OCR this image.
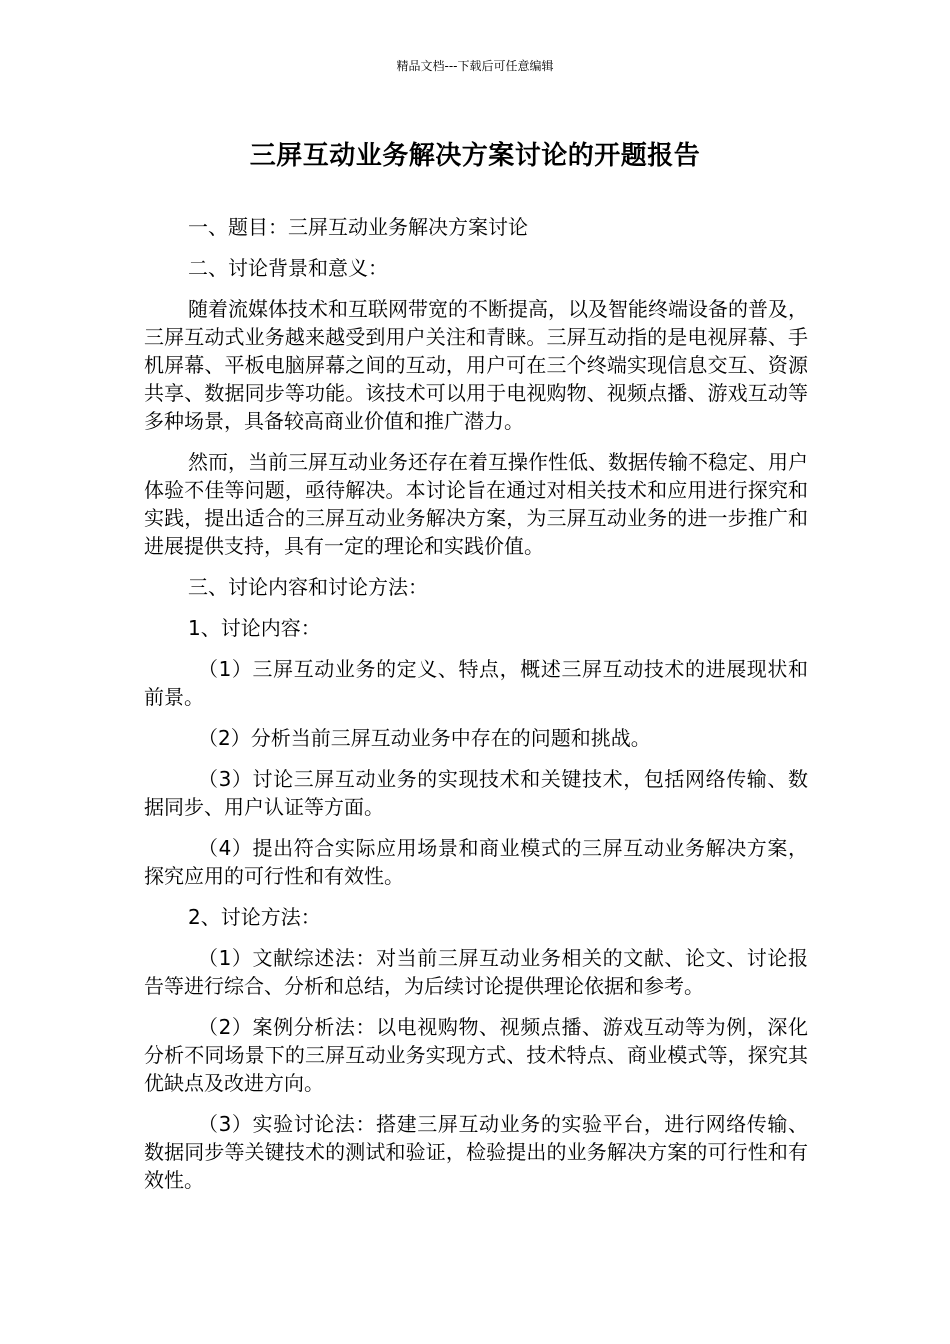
精品文档---下载后可任意编辑
三屏互动业务解决方案讨论的开题报告

一、题目：三屏互动业务解决方案讨论

二、讨论背景和意义：

随着流媒体技术和互联网带宽的不断提高，以及智能终端设备的普及，三屏互动式业务越来越受到用户关注和青睐。三屏互动指的是电视屏幕、手机屏幕、平板电脑屏幕之间的互动，用户可在三个终端实现信息交互、资源共享、数据同步等功能。该技术可以用于电视购物、视频点播、游戏互动等多种场景，具备较高商业价值和推广潜力。

然而，当前三屏互动业务还存在着互操作性低、数据传输不稳定、用户体验不佳等问题，亟待解决。本讨论旨在通过对相关技术和应用进行探究和实践，提出适合的三屏互动业务解决方案，为三屏互动业务的进一步推广和进展提供支持，具有一定的理论和实践价值。

三、讨论内容和讨论方法：

1、讨论内容：

（1）三屏互动业务的定义、特点，概述三屏互动技术的进展现状和前景。

（2）分析当前三屏互动业务中存在的问题和挑战。

（3）讨论三屏互动业务的实现技术和关键技术，包括网络传输、数据同步、用户认证等方面。

（4）提出符合实际应用场景和商业模式的三屏互动业务解决方案，探究应用的可行性和有效性。

2、讨论方法：

（1）文献综述法：对当前三屏互动业务相关的文献、论文、讨论报告等进行综合、分析和总结，为后续讨论提供理论依据和参考。

（2）案例分析法：以电视购物、视频点播、游戏互动等为例，深化分析不同场景下的三屏互动业务实现方式、技术特点、商业模式等，探究其优缺点及改进方向。

（3）实验讨论法：搭建三屏互动业务的实验平台，进行网络传输、数据同步等关键技术的测试和验证，检验提出的业务解决方案的可行性和有效性。
